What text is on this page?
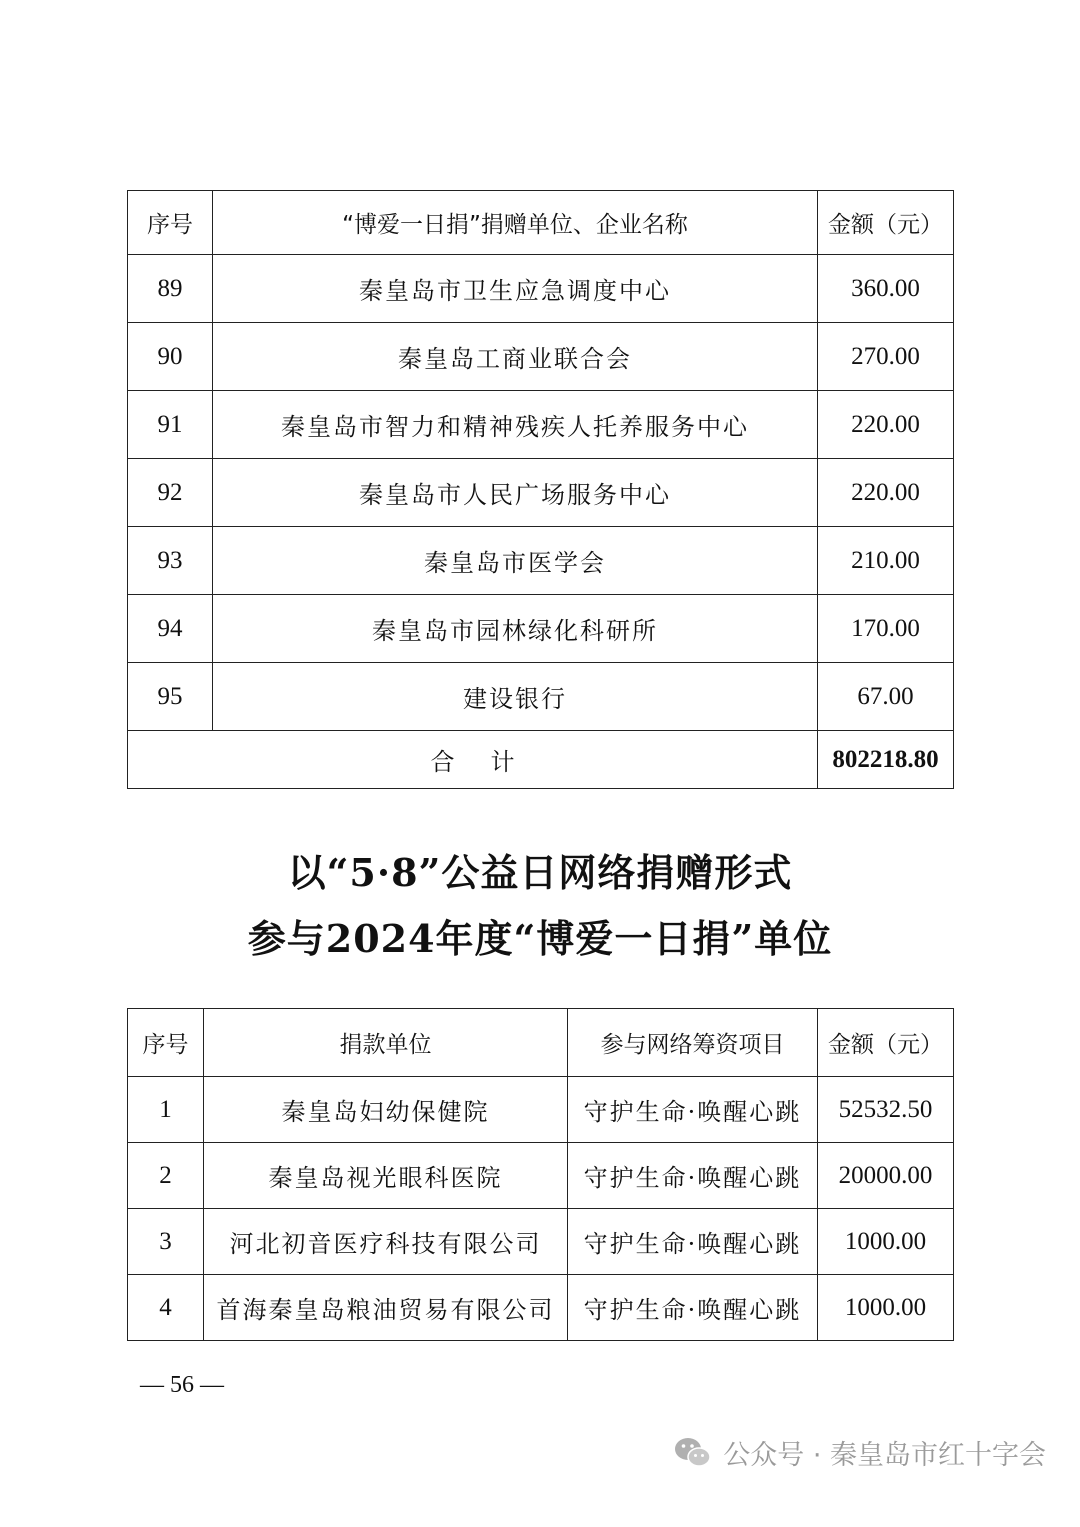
序号	“博爱一日捐”捐赠单位、企业名称	金额（元）
89	秦皇岛市卫生应急调度中心	360.00
90	秦皇岛工商业联合会	270.00
91	秦皇岛市智力和精神残疾人托养服务中心	220.00
92	秦皇岛市人民广场服务中心	220.00
93	秦皇岛市医学会	210.00
94	秦皇岛市园林绿化科研所	170.00
95	建设银行	67.00
合计		802218.80
以“5·8”公益日网络捐赠形式
参与2024年度“博爱一日捐”单位
序号	捐款单位	参与网络筹资项目	金额（元）
1	秦皇岛妇幼保健院	守护生命·唤醒心跳	52532.50
2	秦皇岛视光眼科医院	守护生命·唤醒心跳	20000.00
3	河北初音医疗科技有限公司	守护生命·唤醒心跳	1000.00
4	首海秦皇岛粮油贸易有限公司	守护生命·唤醒心跳	1000.00
— 56 —
公众号 · 秦皇岛市红十字会
